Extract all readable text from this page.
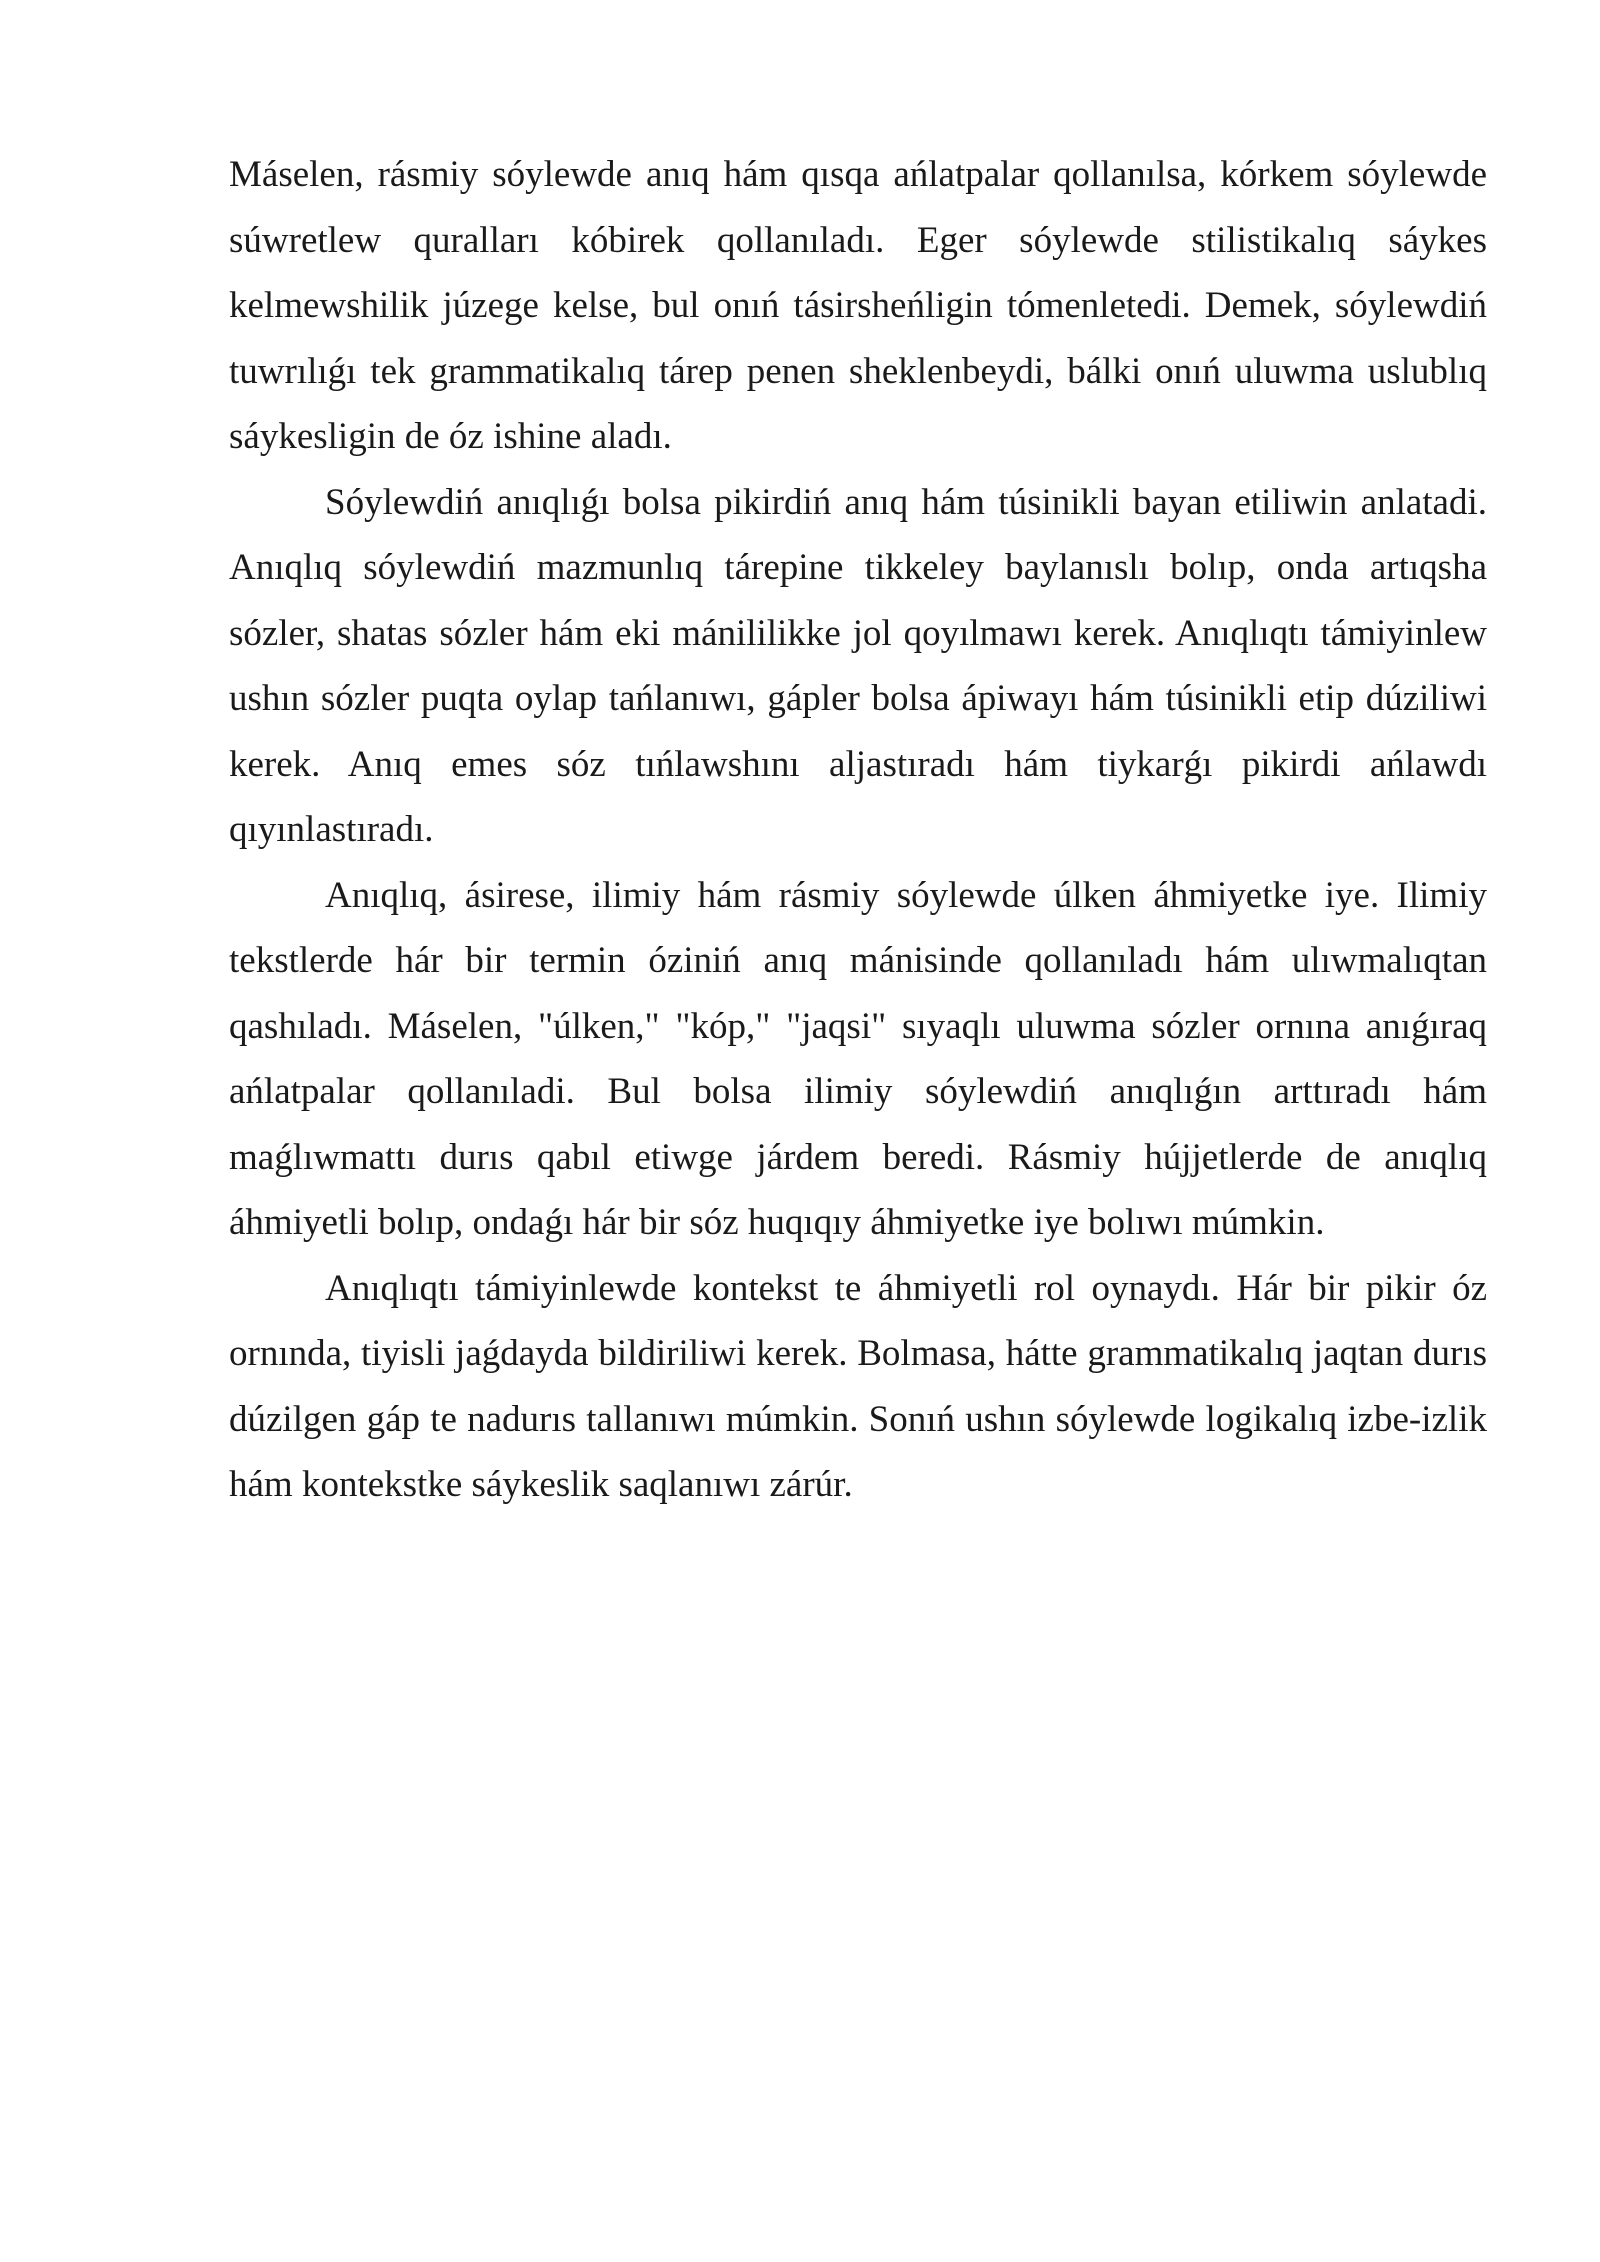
Máselen, rásmiy sóylewde anıq hám qısqa ańlatpalar qollanılsa, kórkem sóylewde súwretlew quralları kóbirek qollanıladı. Eger sóylewde stilistikalıq sáykes kelmewshilik júzege kelse, bul onıń tásirsheńligin tómenletedi. Demek, sóylewdiń tuwrılıǵı tek grammatikalıq tárep penen sheklenbeydi, bálki onıń uluwma uslublıq sáykesligin de óz ishine aladı.

Sóylewdiń anıqlıǵı bolsa pikirdiń anıq hám túsinikli bayan etiliwin anlatadi. Anıqlıq sóylewdiń mazmunlıq tárepine tikkeley baylanıslı bolıp, onda artıqsha sózler, shatas sózler hám eki mánililikke jol qoyılmawı kerek. Anıqlıqtı támiyinlew ushın sózler puqta oylap tańlanıwı, gápler bolsa ápiwayı hám túsinikli etip dúziliwi kerek. Anıq emes sóz tıńlawshını aljastıradı hám tiykarǵı pikirdi ańlawdı qıyınlastıradı.

Anıqlıq, ásirese, ilimiy hám rásmiy sóylewde úlken áhmiyetke iye. Ilimiy tekstlerde hár bir termin óziniń anıq mánisinde qollanıladı hám ulıwmalıqtan qashıladı. Máselen, "úlken," "kóp," "jaqsi" sıyaqlı uluwma sózler ornına anıǵıraq ańlatpalar qollanıladi. Bul bolsa ilimiy sóylewdiń anıqlıǵın arttıradı hám maǵlıwmattı durıs qabıl etiwge járdem beredi. Rásmiy hújjetlerde de anıqlıq áhmiyetli bolıp, ondaǵı hár bir sóz huqıqıy áhmiyetke iye bolıwı múmkin.

Anıqlıqtı támiyinlewde kontekst te áhmiyetli rol oynaydı. Hár bir pikir óz ornında, tiyisli jaǵdayda bildiriliwi kerek. Bolmasa, hátte grammatikalıq jaqtan durıs dúzilgen gáp te nadurıs tallanıwı múmkin. Sonıń ushın sóylewde logikalıq izbe-izlik hám kontekstke sáykeslik saqlanıwı zárúr.
